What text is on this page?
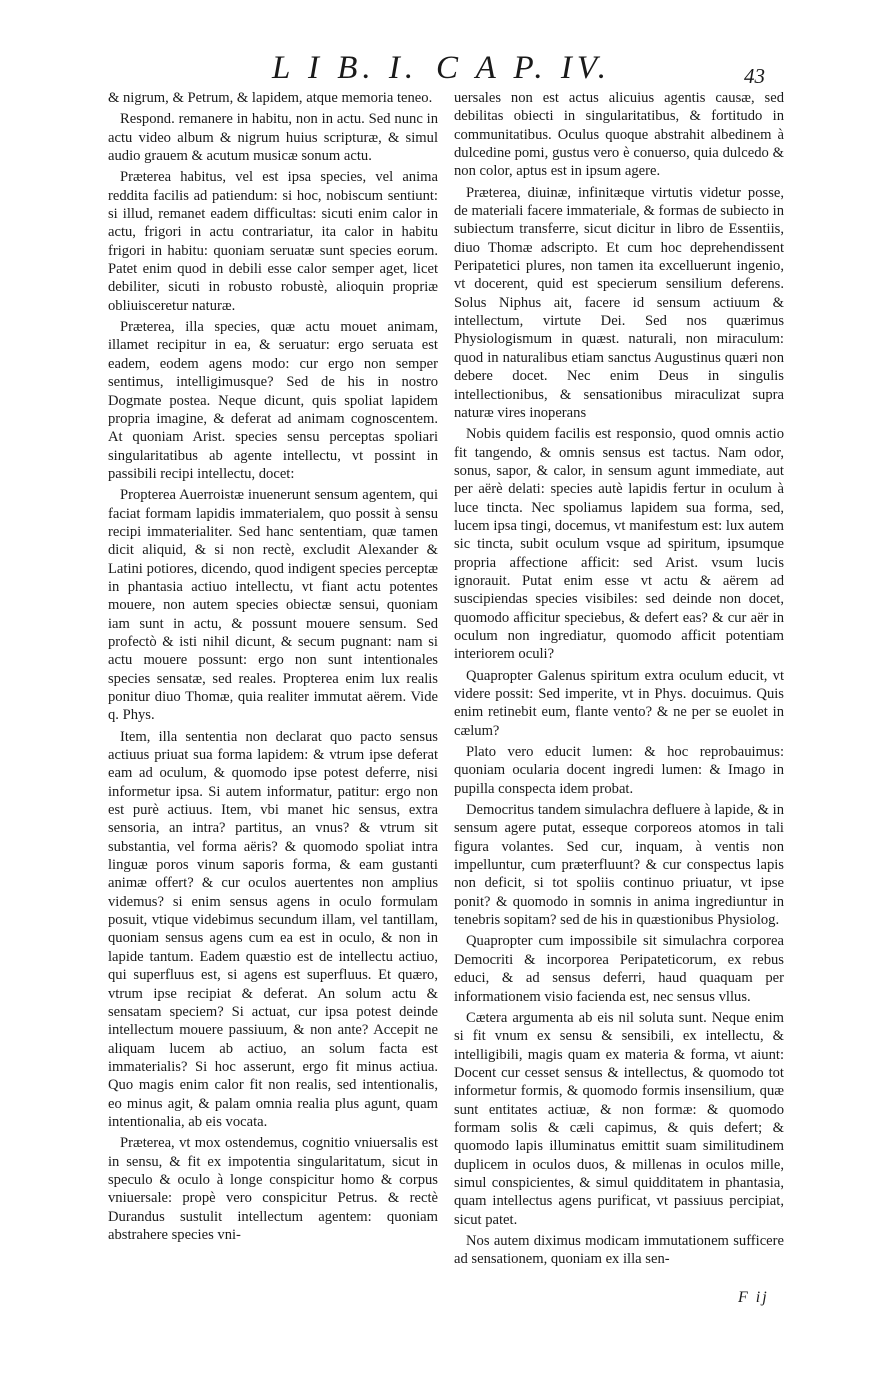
L I B. I. C A P. IV.	43

& nigrum, & Petrum, & lapidem, atque memoria teneo.

Respond. remanere in habitu, non in actu. Sed nunc in actu video album & nigrum huius scripturæ, & simul audio grauem & acutum musicæ sonum actu.

Præterea habitus, vel est ipsa species, vel anima reddita facilis ad patiendum: si hoc, nobiscum sentiunt: si illud, remanet eadem difficultas: sicuti enim calor in actu, frigori in actu contrariatur, ita calor in habitu frigori in habitu: quoniam seruatæ sunt species eorum. Patet enim quod in debili esse calor semper aget, licet debiliter, sicuti in robusto robustè, alioquin propriæ obliuisceretur naturæ.

Præterea, illa species, quæ actu mouet animam, illamet recipitur in ea, & seruatur: ergo seruata est eadem, eodem agens modo: cur ergo non semper sentimus, intelligimusque? Sed de his in nostro Dogmate postea. Neque dicunt, quis spoliat lapidem propria imagine, & deferat ad animam cognoscentem. At quoniam Arist. species sensu perceptas spoliari singularitatibus ab agente intellectu, vt possint in passibili recipi intellectu, docet:

Propterea Auerroistæ inuenerunt sensum agentem, qui faciat formam lapidis immaterialem, quo possit à sensu recipi immaterialiter. Sed hanc sententiam, quæ tamen dicit aliquid, & si non rectè, excludit Alexander & Latini potiores, dicendo, quod indigent species perceptæ in phantasia actiuo intellectu, vt fiant actu potentes mouere, non autem species obiectæ sensui, quoniam iam sunt in actu, & possunt mouere sensum. Sed profectò & isti nihil dicunt, & secum pugnant: nam si actu mouere possunt: ergo non sunt intentionales species sensatæ, sed reales. Propterea enim lux realis ponitur diuo Thomæ, quia realiter immutat aërem. Vide q. Phys.

Item, illa sententia non declarat quo pacto sensus actiuus priuat sua forma lapidem: & vtrum ipse deferat eam ad oculum, & quomodo ipse potest deferre, nisi informetur ipsa. Si autem informatur, patitur: ergo non est purè actiuus. Item, vbi manet hic sensus, extra sensoria, an intra? partitus, an vnus? & vtrum sit substantia, vel forma aëris? & quomodo spoliat intra linguæ poros vinum saporis forma, & eam gustanti animæ offert? & cur oculos auertentes non amplius videmus? si enim sensus agens in oculo formulam posuit, vtique videbimus secundum illam, vel tantillam, quoniam sensus agens cum ea est in oculo, & non in lapide tantum. Eadem quæstio est de intellectu actiuo, qui superfluus est, si agens est superfluus. Et quæro, vtrum ipse recipiat & deferat. An solum actu & sensatam speciem? Si actuat, cur ipsa potest deinde intellectum mouere passiuum, & non ante? Accepit ne aliquam lucem ab actiuo, an solum facta est immaterialis? Si hoc asserunt, ergo fit minus actiua. Quo magis enim calor fit non realis, sed intentionalis, eo minus agit, & palam omnia realia plus agunt, quam intentionalia, ab eis vocata.

Præterea, vt mox ostendemus, cognitio vniuersalis est in sensu, & fit ex impotentia singularitatum, sicut in speculo & oculo à longe conspicitur homo & corpus vniuersale: propè vero conspicitur Petrus. & rectè Durandus sustulit intellectum agentem: quoniam abstrahere species vni-

uersales non est actus alicuius agentis causæ, sed debilitas obiecti in singularitatibus, & fortitudo in communitatibus. Oculus quoque abstrahit albedinem à dulcedine pomi, gustus vero è conuerso, quia dulcedo & non color, aptus est in ipsum agere.

Præterea, diuinæ, infinitæque virtutis videtur posse, de materiali facere immateriale, & formas de subiecto in subiectum transferre, sicut dicitur in libro de Essentiis, diuo Thomæ adscripto. Et cum hoc deprehendissent Peripatetici plures, non tamen ita excelluerunt ingenio, vt docerent, quid est specierum sensilium deferens. Solus Niphus ait, facere id sensum actiuum & intellectum, virtute Dei. Sed nos quærimus Physiologismum in quæst. naturali, non miraculum: quod in naturalibus etiam sanctus Augustinus quæri non debere docet. Nec enim Deus in singulis intellectionibus, & sensationibus miraculizat supra naturæ vires inoperans

Nobis quidem facilis est responsio, quod omnis actio fit tangendo, & omnis sensus est tactus. Nam odor, sonus, sapor, & calor, in sensum agunt immediate, aut per aërè delati: species autè lapidis fertur in oculum à luce tincta. Nec spoliamus lapidem sua forma, sed, lucem ipsa tingi, docemus, vt manifestum est: lux autem sic tincta, subit oculum vsque ad spiritum, ipsumque propria affectione afficit: sed Arist. vsum lucis ignorauit. Putat enim esse vt actu & aërem ad suscipiendas species visibiles: sed deinde non docet, quomodo afficitur speciebus, & defert eas? & cur aër in oculum non ingrediatur, quomodo afficit potentiam interiorem oculi?

Quapropter Galenus spiritum extra oculum educit, vt videre possit: Sed imperite, vt in Phys. docuimus. Quis enim retinebit eum, flante vento? & ne per se euolet in cælum?

Plato vero educit lumen: & hoc reprobauimus: quoniam ocularia docent ingredi lumen: & Imago in pupilla conspecta idem probat.

Democritus tandem simulachra defluere à lapide, & in sensum agere putat, esseque corporeos atomos in tali figura volantes. Sed cur, inquam, à ventis non impelluntur, cum præterfluunt? & cur conspectus lapis non deficit, si tot spoliis continuo priuatur, vt ipse ponit? & quomodo in somnis in anima ingrediuntur in tenebris sopitam? sed de his in quæstionibus Physiolog.

Quapropter cum impossibile sit simulachra corporea Democriti & incorporea Peripateticorum, ex rebus educi, & ad sensus deferri, haud quaquam per informationem visio facienda est, nec sensus vllus.

Cætera argumenta ab eis nil soluta sunt. Neque enim si fit vnum ex sensu & sensibili, ex intellectu, & intelligibili, magis quam ex materia & forma, vt aiunt: Docent cur cesset sensus & intellectus, & quomodo tot informetur formis, & quomodo formis insensilium, quæ sunt entitates actiuæ, & non formæ: & quomodo formam solis & cæli capimus, & quis defert; & quomodo lapis illuminatus emittit suam similitudinem duplicem in oculos duos, & millenas in oculos mille, simul conspicientes, & simul quidditatem in phantasia, quam intellectus agens purificat, vt passiuus percipiat, sicut patet.

Nos autem diximus modicam immutationem sufficere ad sensationem, quoniam ex illa sen-

F ij
